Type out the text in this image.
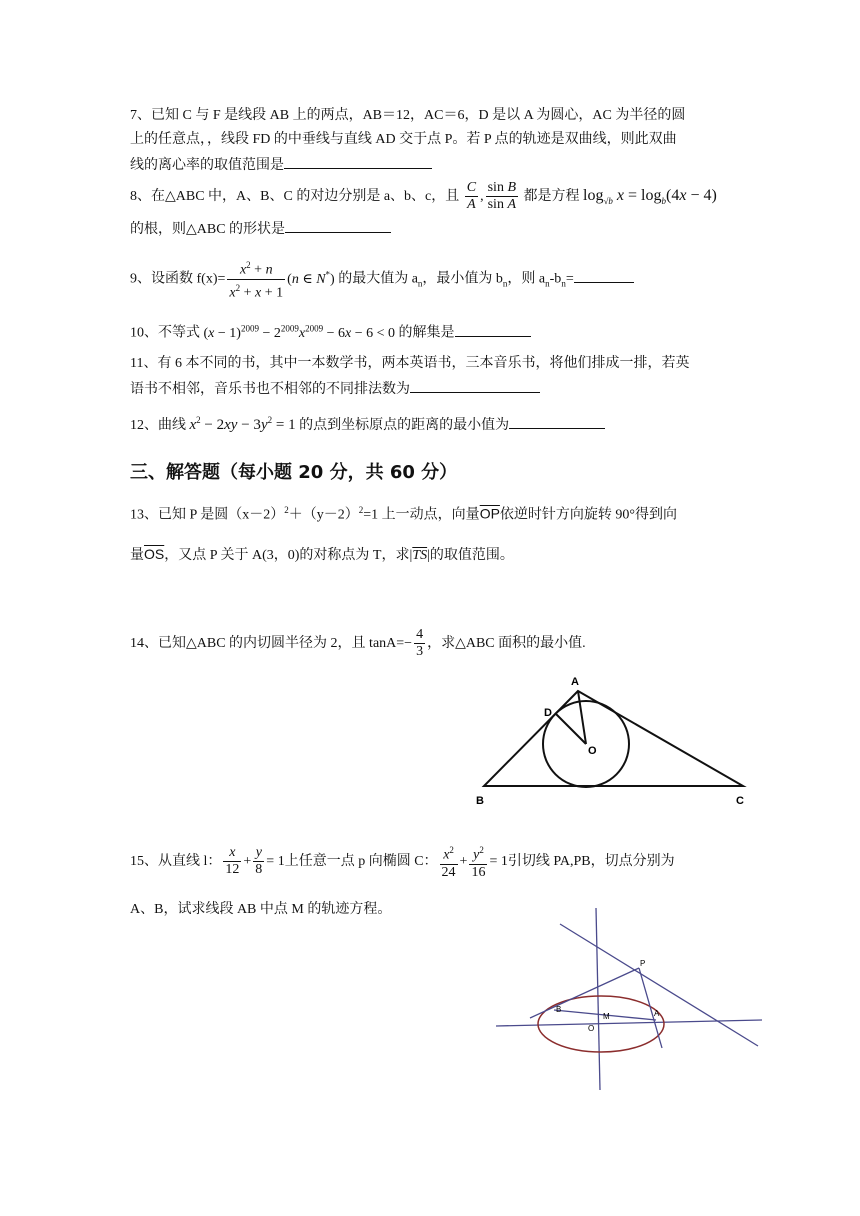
7、已知 C 与 F 是线段 AB 上的两点，AB＝12，AC＝6，D 是以 A 为圆心，AC 为半径的圆
上的任意点，，线段 FD 的中垂线与直线 AD 交于点 P。若 P 点的轨迹是双曲线，则此双曲
线的离心率的取值范围是
8、在△ABC 中，A、B、C 的对边分别是 a、b、c，且 $\frac{C}{A}$ , $\frac{\text{sin B}}{\text{sin A}}$ 都是方程 $\log_{√b} x = \log_b(4x - 4)$
的根，则△ABC 的形状是
9、设函数 $f(x)= \frac{x^2 + n}{x^2 + x + 1} (n$ ∈ N*) 的最大值为 $a_n$，最小值为 $b_n$，则 $a_n-b_n=$
10、不等式 $(x - 1)^{2009} - 2^{2009}x^{2009} - 6x - 6 < 0$ 的解集是
11、有 6 本不同的书，其中一本数学书，两本英语书，三本音乐书，将他们排成一排，若英
语书不相邻，音乐书也不相邻的不同排法数为
12、曲线 $x^2 - 2xy - 3y^2 = 1$ 的点到坐标原点的距离的最小值为
三、解答题（每小题 20 分，共 60 分）
13、已知 P 是圆$(x-2)^2+(y-2)^2=1$ 上一动点，向量$\overline{OP}$依逆时针方向旋转 90°得到向
量$\overline{OS}$，又点 P 关于 A(3，0)的对称点为 T，求$|\overline{TS}|$的取值范围。
14、已知△ABC 的内切圆半径为 2，且 $\tan A=- \frac{4}{3}$ ，求△ABC 面积的最小值.
A
D
O
B	C
15、从直线 l： $\frac{x}{12} + \frac{y}{8} = 1$上任意一点 p 向椭圆 C： $\frac{x^2}{24} + \frac{y^2}{16} = 1$引切线 PA,PB，切点分别为
A、B，试求线段 AB 中点 M 的轨迹方程。
P
B
M	A
O
